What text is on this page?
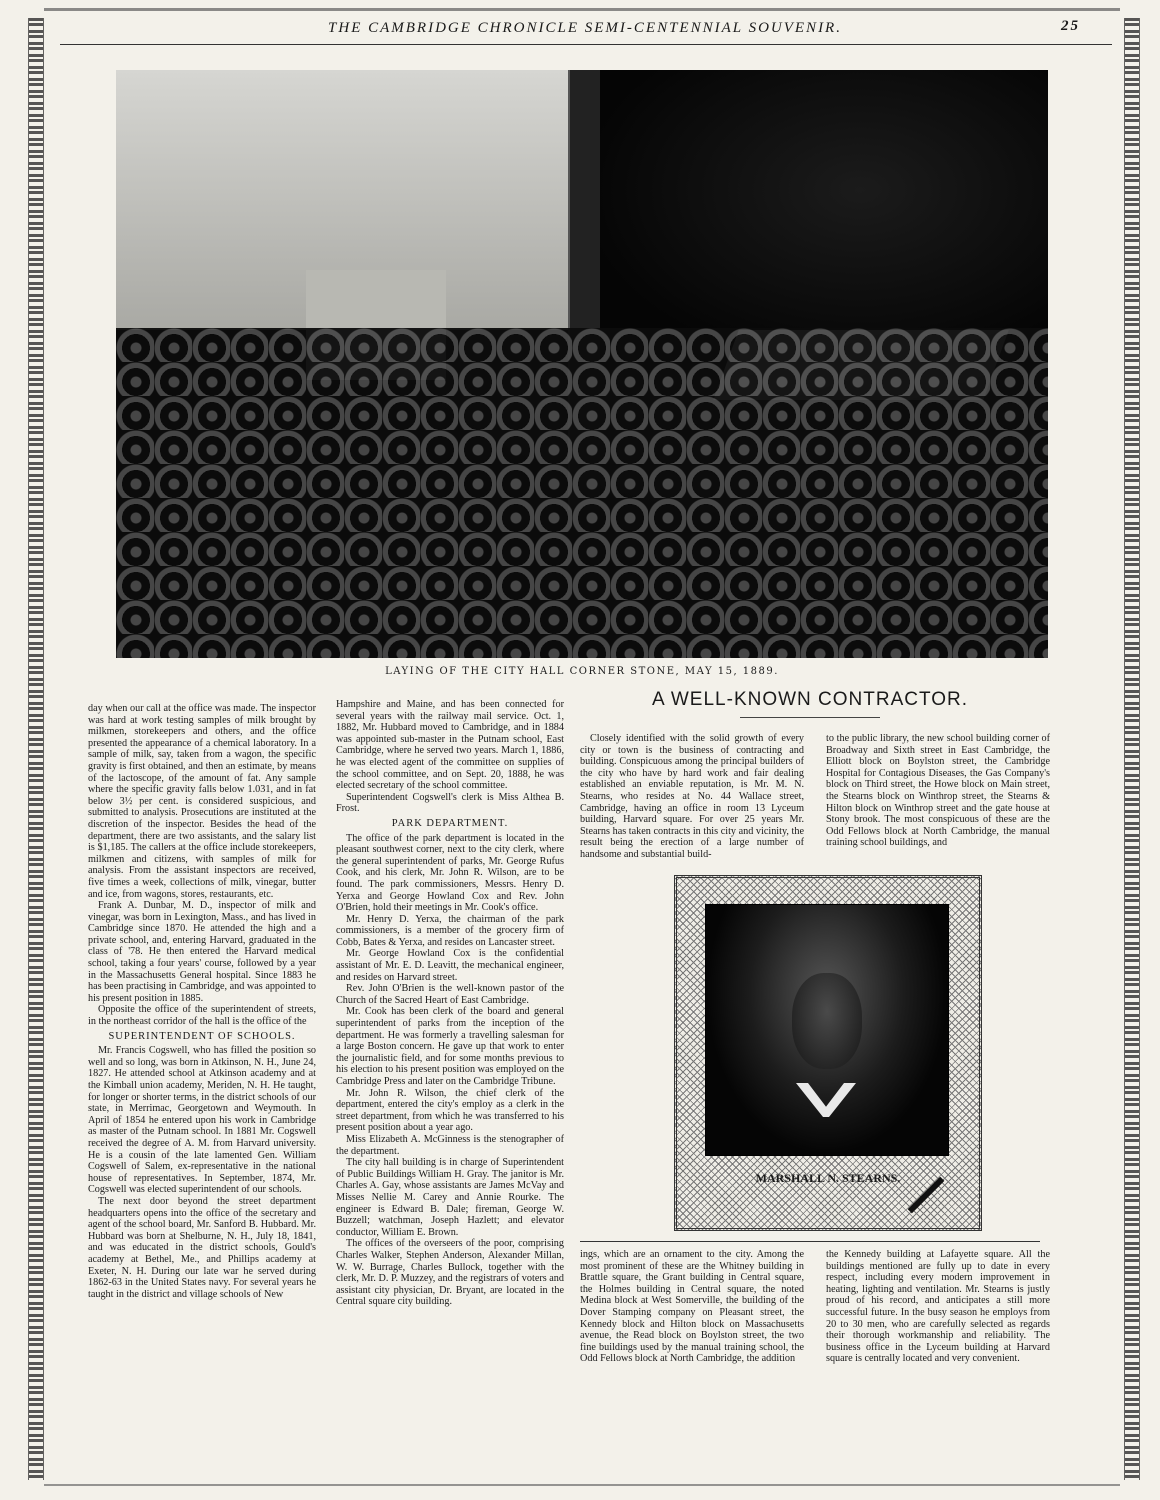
THE CAMBRIDGE CHRONICLE SEMI-CENTENNIAL SOUVENIR.	25
LAYING OF THE CITY HALL CORNER STONE, MAY 15, 1889.

day when our call at the office was made. The inspector was hard at work testing samples of milk brought by milkmen, storekeepers and others, and the office presented the appearance of a chemical laboratory. In a sample of milk, say, taken from a wagon, the specific gravity is first obtained, and then an estimate, by means of the lactoscope, of the amount of fat. Any sample where the specific gravity falls below 1.031, and in fat below 3½ per cent. is considered suspicious, and submitted to analysis. Prosecutions are instituted at the discretion of the inspector. Besides the head of the department, there are two assistants, and the salary list is $1,185. The callers at the office include storekeepers, milkmen and citizens, with samples of milk for analysis. From the assistant inspectors are received, five times a week, collections of milk, vinegar, butter and ice, from wagons, stores, restaurants, etc.

Frank A. Dunbar, M. D., inspector of milk and vinegar, was born in Lexington, Mass., and has lived in Cambridge since 1870. He attended the high and a private school, and, entering Harvard, graduated in the class of '78. He then entered the Harvard medical school, taking a four years' course, followed by a year in the Massachusetts General hospital. Since 1883 he has been practising in Cambridge, and was appointed to his present position in 1885.

Opposite the office of the superintendent of streets, in the northeast corridor of the hall is the office of the

SUPERINTENDENT OF SCHOOLS.

Mr. Francis Cogswell, who has filled the position so well and so long, was born in Atkinson, N. H., June 24, 1827. He attended school at Atkinson academy and at the Kimball union academy, Meriden, N. H. He taught, for longer or shorter terms, in the district schools of our state, in Merrimac, Georgetown and Weymouth. In April of 1854 he entered upon his work in Cambridge as master of the Putnam school. In 1881 Mr. Cogswell received the degree of A. M. from Harvard university. He is a cousin of the late lamented Gen. William Cogswell of Salem, ex-representative in the national house of representatives. In September, 1874, Mr. Cogswell was elected superintendent of our schools.

The next door beyond the street department headquarters opens into the office of the secretary and agent of the school board, Mr. Sanford B. Hubbard. Mr. Hubbard was born at Shelburne, N. H., July 18, 1841, and was educated in the district schools, Gould's academy at Bethel, Me., and Phillips academy at Exeter, N. H. During our late war he served during 1862-63 in the United States navy. For several years he taught in the district and village schools of New

Hampshire and Maine, and has been connected for several years with the railway mail service. Oct. 1, 1882, Mr. Hubbard moved to Cambridge, and in 1884 was appointed sub-master in the Putnam school, East Cambridge, where he served two years. March 1, 1886, he was elected agent of the committee on supplies of the school committee, and on Sept. 20, 1888, he was elected secretary of the school committee.

Superintendent Cogswell's clerk is Miss Althea B. Frost.

PARK DEPARTMENT.

The office of the park department is located in the pleasant southwest corner, next to the city clerk, where the general superintendent of parks, Mr. George Rufus Cook, and his clerk, Mr. John R. Wilson, are to be found. The park commissioners, Messrs. Henry D. Yerxa and George Howland Cox and Rev. John O'Brien, hold their meetings in Mr. Cook's office.

Mr. Henry D. Yerxa, the chairman of the park commissioners, is a member of the grocery firm of Cobb, Bates & Yerxa, and resides on Lancaster street.

Mr. George Howland Cox is the confidential assistant of Mr. E. D. Leavitt, the mechanical engineer, and resides on Harvard street.

Rev. John O'Brien is the well-known pastor of the Church of the Sacred Heart of East Cambridge.

Mr. Cook has been clerk of the board and general superintendent of parks from the inception of the department. He was formerly a travelling salesman for a large Boston concern. He gave up that work to enter the journalistic field, and for some months previous to his election to his present position was employed on the Cambridge Press and later on the Cambridge Tribune.

Mr. John R. Wilson, the chief clerk of the department, entered the city's employ as a clerk in the street department, from which he was transferred to his present position about a year ago.

Miss Elizabeth A. McGinness is the stenographer of the department.

The city hall building is in charge of Superintendent of Public Buildings William H. Gray. The janitor is Mr. Charles A. Gay, whose assistants are James McVay and Misses Nellie M. Carey and Annie Rourke. The engineer is Edward B. Dale; fireman, George W. Buzzell; watchman, Joseph Hazlett; and elevator conductor, William E. Brown.

The offices of the overseers of the poor, comprising Charles Walker, Stephen Anderson, Alexander Millan, W. W. Burrage, Charles Bullock, together with the clerk, Mr. D. P. Muzzey, and the registrars of voters and assistant city physician, Dr. Bryant, are located in the Central square city building.

A WELL-KNOWN CONTRACTOR.

Closely identified with the solid growth of every city or town is the business of contracting and building. Conspicuous among the principal builders of the city who have by hard work and fair dealing established an enviable reputation, is Mr. M. N. Stearns, who resides at No. 44 Wallace street, Cambridge, having an office in room 13 Lyceum building, Harvard square. For over 25 years Mr. Stearns has taken contracts in this city and vicinity, the result being the erection of a large number of handsome and substantial build-

to the public library, the new school building corner of Broadway and Sixth street in East Cambridge, the Elliott block on Boylston street, the Cambridge Hospital for Contagious Diseases, the Gas Company's block on Third street, the Howe block on Main street, the Stearns block on Winthrop street, the Stearns & Hilton block on Winthrop street and the gate house at Stony brook. The most conspicuous of these are the Odd Fellows block at North Cambridge, the manual training school buildings, and

MARSHALL N. STEARNS.

ings, which are an ornament to the city. Among the most prominent of these are the Whitney building in Brattle square, the Grant building in Central square, the Holmes building in Central square, the noted Medina block at West Somerville, the building of the Dover Stamping company on Pleasant street, the Kennedy block and Hilton block on Massachusetts avenue, the Read block on Boylston street, the two fine buildings used by the manual training school, the Odd Fellows block at North Cambridge, the addition

the Kennedy building at Lafayette square. All the buildings mentioned are fully up to date in every respect, including every modern improvement in heating, lighting and ventilation. Mr. Stearns is justly proud of his record, and anticipates a still more successful future. In the busy season he employs from 20 to 30 men, who are carefully selected as regards their thorough workmanship and reliability. The business office in the Lyceum building at Harvard square is centrally located and very convenient.
